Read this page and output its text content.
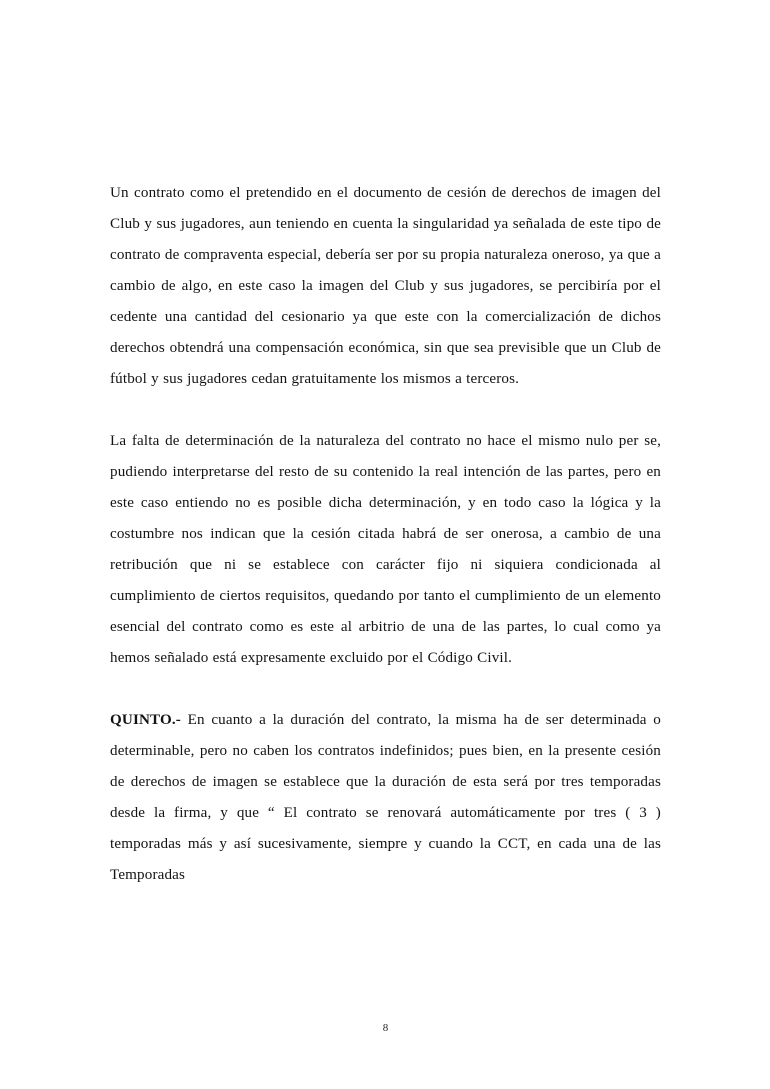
Un contrato como el pretendido en el documento de cesión de derechos de imagen del Club y sus jugadores, aun teniendo en cuenta la singularidad ya señalada de este tipo de contrato de compraventa especial, debería ser por su propia naturaleza oneroso, ya que a cambio de algo, en este caso la imagen del Club y sus jugadores, se percibiría por el cedente una cantidad del cesionario ya que este con la comercialización de dichos derechos obtendrá una compensación económica, sin que sea previsible que un Club de fútbol y sus jugadores cedan gratuitamente los mismos a terceros.

La falta de determinación de la naturaleza del contrato no hace el mismo nulo per se, pudiendo interpretarse del resto de su contenido la real intención de las partes, pero en este caso entiendo no es posible dicha determinación, y en todo caso la lógica y la costumbre nos indican que la cesión citada habrá de ser onerosa, a cambio de una retribución que ni se establece con carácter fijo ni siquiera condicionada al cumplimiento de ciertos requisitos, quedando por tanto el cumplimiento de un elemento esencial del contrato como es este al arbitrio de una de las partes, lo cual como ya hemos señalado está expresamente excluido por el Código Civil.

QUINTO.- En cuanto a la duración del contrato, la misma ha de ser determinada o determinable, pero no caben los contratos indefinidos; pues bien, en la presente cesión de derechos de imagen se establece que la duración de esta será por tres temporadas desde la firma, y que “ El contrato se renovará automáticamente por tres ( 3 ) temporadas más y así sucesivamente, siempre y cuando la CCT, en cada una de las Temporadas

8
